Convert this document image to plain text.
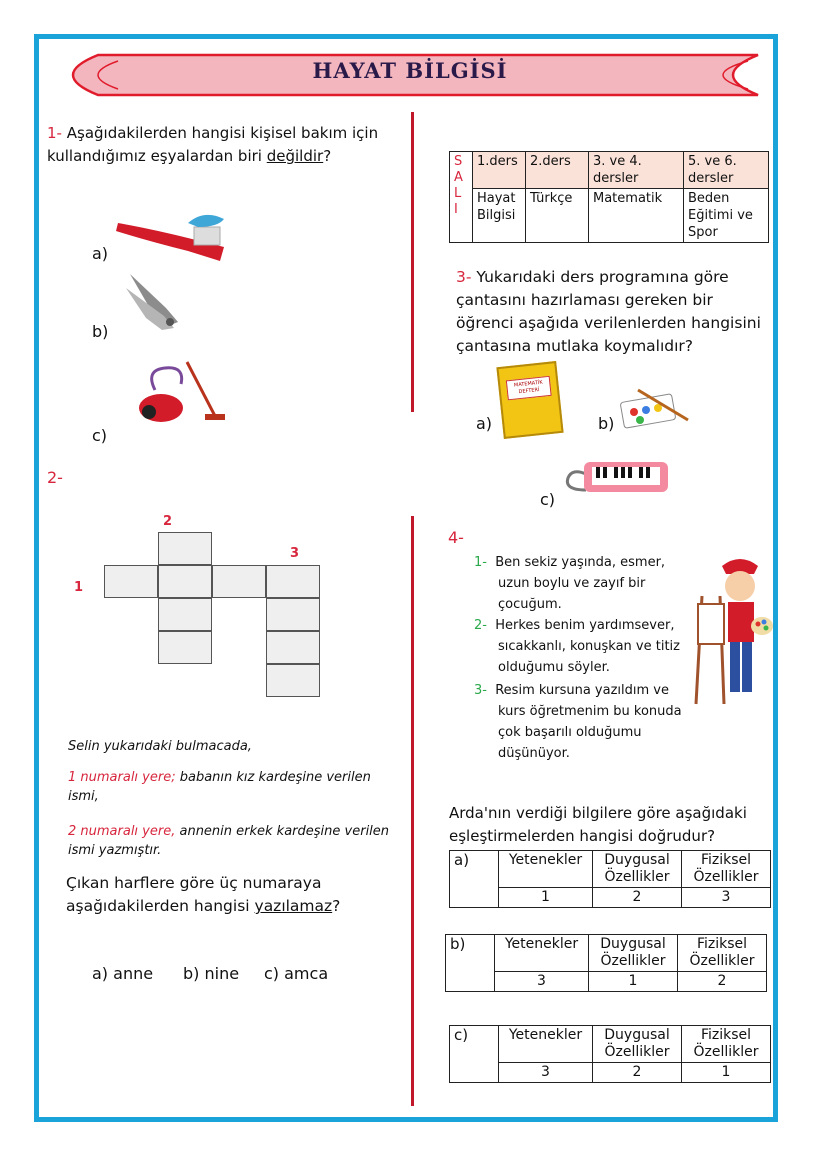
HAYAT BİLGİSİ
1- Aşağıdakilerden hangisi kişisel bakım için
kullandığımız eşyalardan biri değildir?
a)
b)
c)
2-
1
2
3
Selin yukarıdaki bulmacada,
1 numaralı yere; babanın kız kardeşine verilen
ismi,
2 numaralı yere, annenin erkek kardeşine verilen
ismi yazmıştır.
Çıkan harflere göre üç numaraya
aşağıdakilerden hangisi yazılamaz?
a) anne b) nine c) amca
S
A
L
I	1.ders	2.ders	3. ve 4. dersler	5. ve 6. dersler
	Hayat Bilgisi	Türkçe	Matematik	Beden Eğitimi ve Spor
3- Yukarıdaki ders programına göre
çantasını hazırlaması gereken bir
öğrenci aşağıda verilenlerden hangisini
çantasına mutlaka koymalıdır?
MATEMATİK
DEFTERİ
a)	b)
c)
4-
1- Ben sekiz yaşında, esmer,
uzun boylu ve zayıf bir
çocuğum.
2- Herkes benim yardımsever,
sıcakkanlı, konuşkan ve titiz
olduğumu söyler.
3- Resim kursuna yazıldım ve
kurs öğretmenim bu konuda
çok başarılı olduğumu
düşünüyor.
Arda'nın verdiği bilgilere göre aşağıdaki
eşleştirmelerden hangisi doğrudur?
a)	Yetenekler	Duygusal Özellikler	Fiziksel Özellikler
	1	2	3
b)	Yetenekler	Duygusal Özellikler	Fiziksel Özellikler
	3	1	2
c)	Yetenekler	Duygusal Özellikler	Fiziksel Özellikler
	3	2	1
